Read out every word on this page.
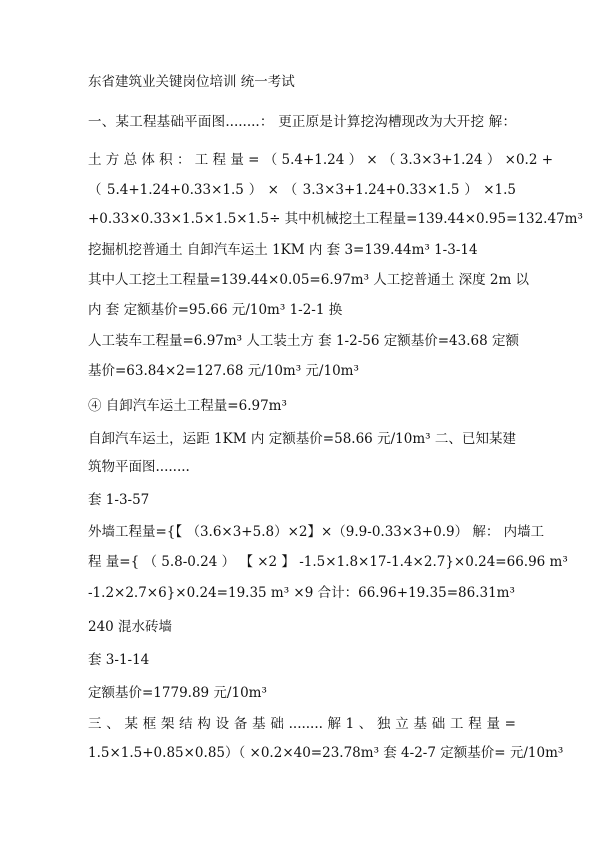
东省建筑业关键岗位培训 统一考试
一、某工程基础平面图........： 更正原是计算挖沟槽现改为大开挖 解：
土 方 总 体 积 ： 工 程 量 = （ 5.4+1.24 ） × （ 3.3×3+1.24 ） ×0.2 +
（ 5.4+1.24+0.33×1.5 ） × （ 3.3×3+1.24+0.33×1.5 ） ×1.5
+0.33×0.33×1.5×1.5×1.5÷ 其中机械挖土工程量=139.44×0.95=132.47m³
挖掘机挖普通土 自卸汽车运土 1KM 内 套 3=139.44m³ 1-3-14
其中人工挖土工程量=139.44×0.05=6.97m³ 人工挖普通土 深度 2m 以
内 套 定额基价=95.66 元/10m³ 1-2-1 换
人工装车工程量=6.97m³ 人工装土方 套 1-2-56 定额基价=43.68 定额
基价=63.84×2=127.68 元/10m³ 元/10m³
④ 自卸汽车运土工程量=6.97m³
自卸汽车运土，运距 1KM 内 定额基价=58.66 元/10m³ 二、已知某建
筑物平面图........
套 1-3-57
外墙工程量={【 （3.6×3+5.8）×2】×（9.9-0.33×3+0.9） 解： 内墙工
程 量={ （ 5.8-0.24 ） 【 ×2 】 -1.5×1.8×17-1.4×2.7}×0.24=66.96 m³
-1.2×2.7×6}×0.24=19.35 m³ ×9 合计：66.96+19.35=86.31m³
240 混水砖墙
套 3-1-14
定额基价=1779.89 元/10m³
三 、 某 框 架 结 构 设 备 基 础 ........ 解 1 、 独 立 基 础 工 程 量 =
1.5×1.5+0.85×0.85）（ ×0.2×40=23.78m³ 套 4-2-7 定额基价= 元/10m³
